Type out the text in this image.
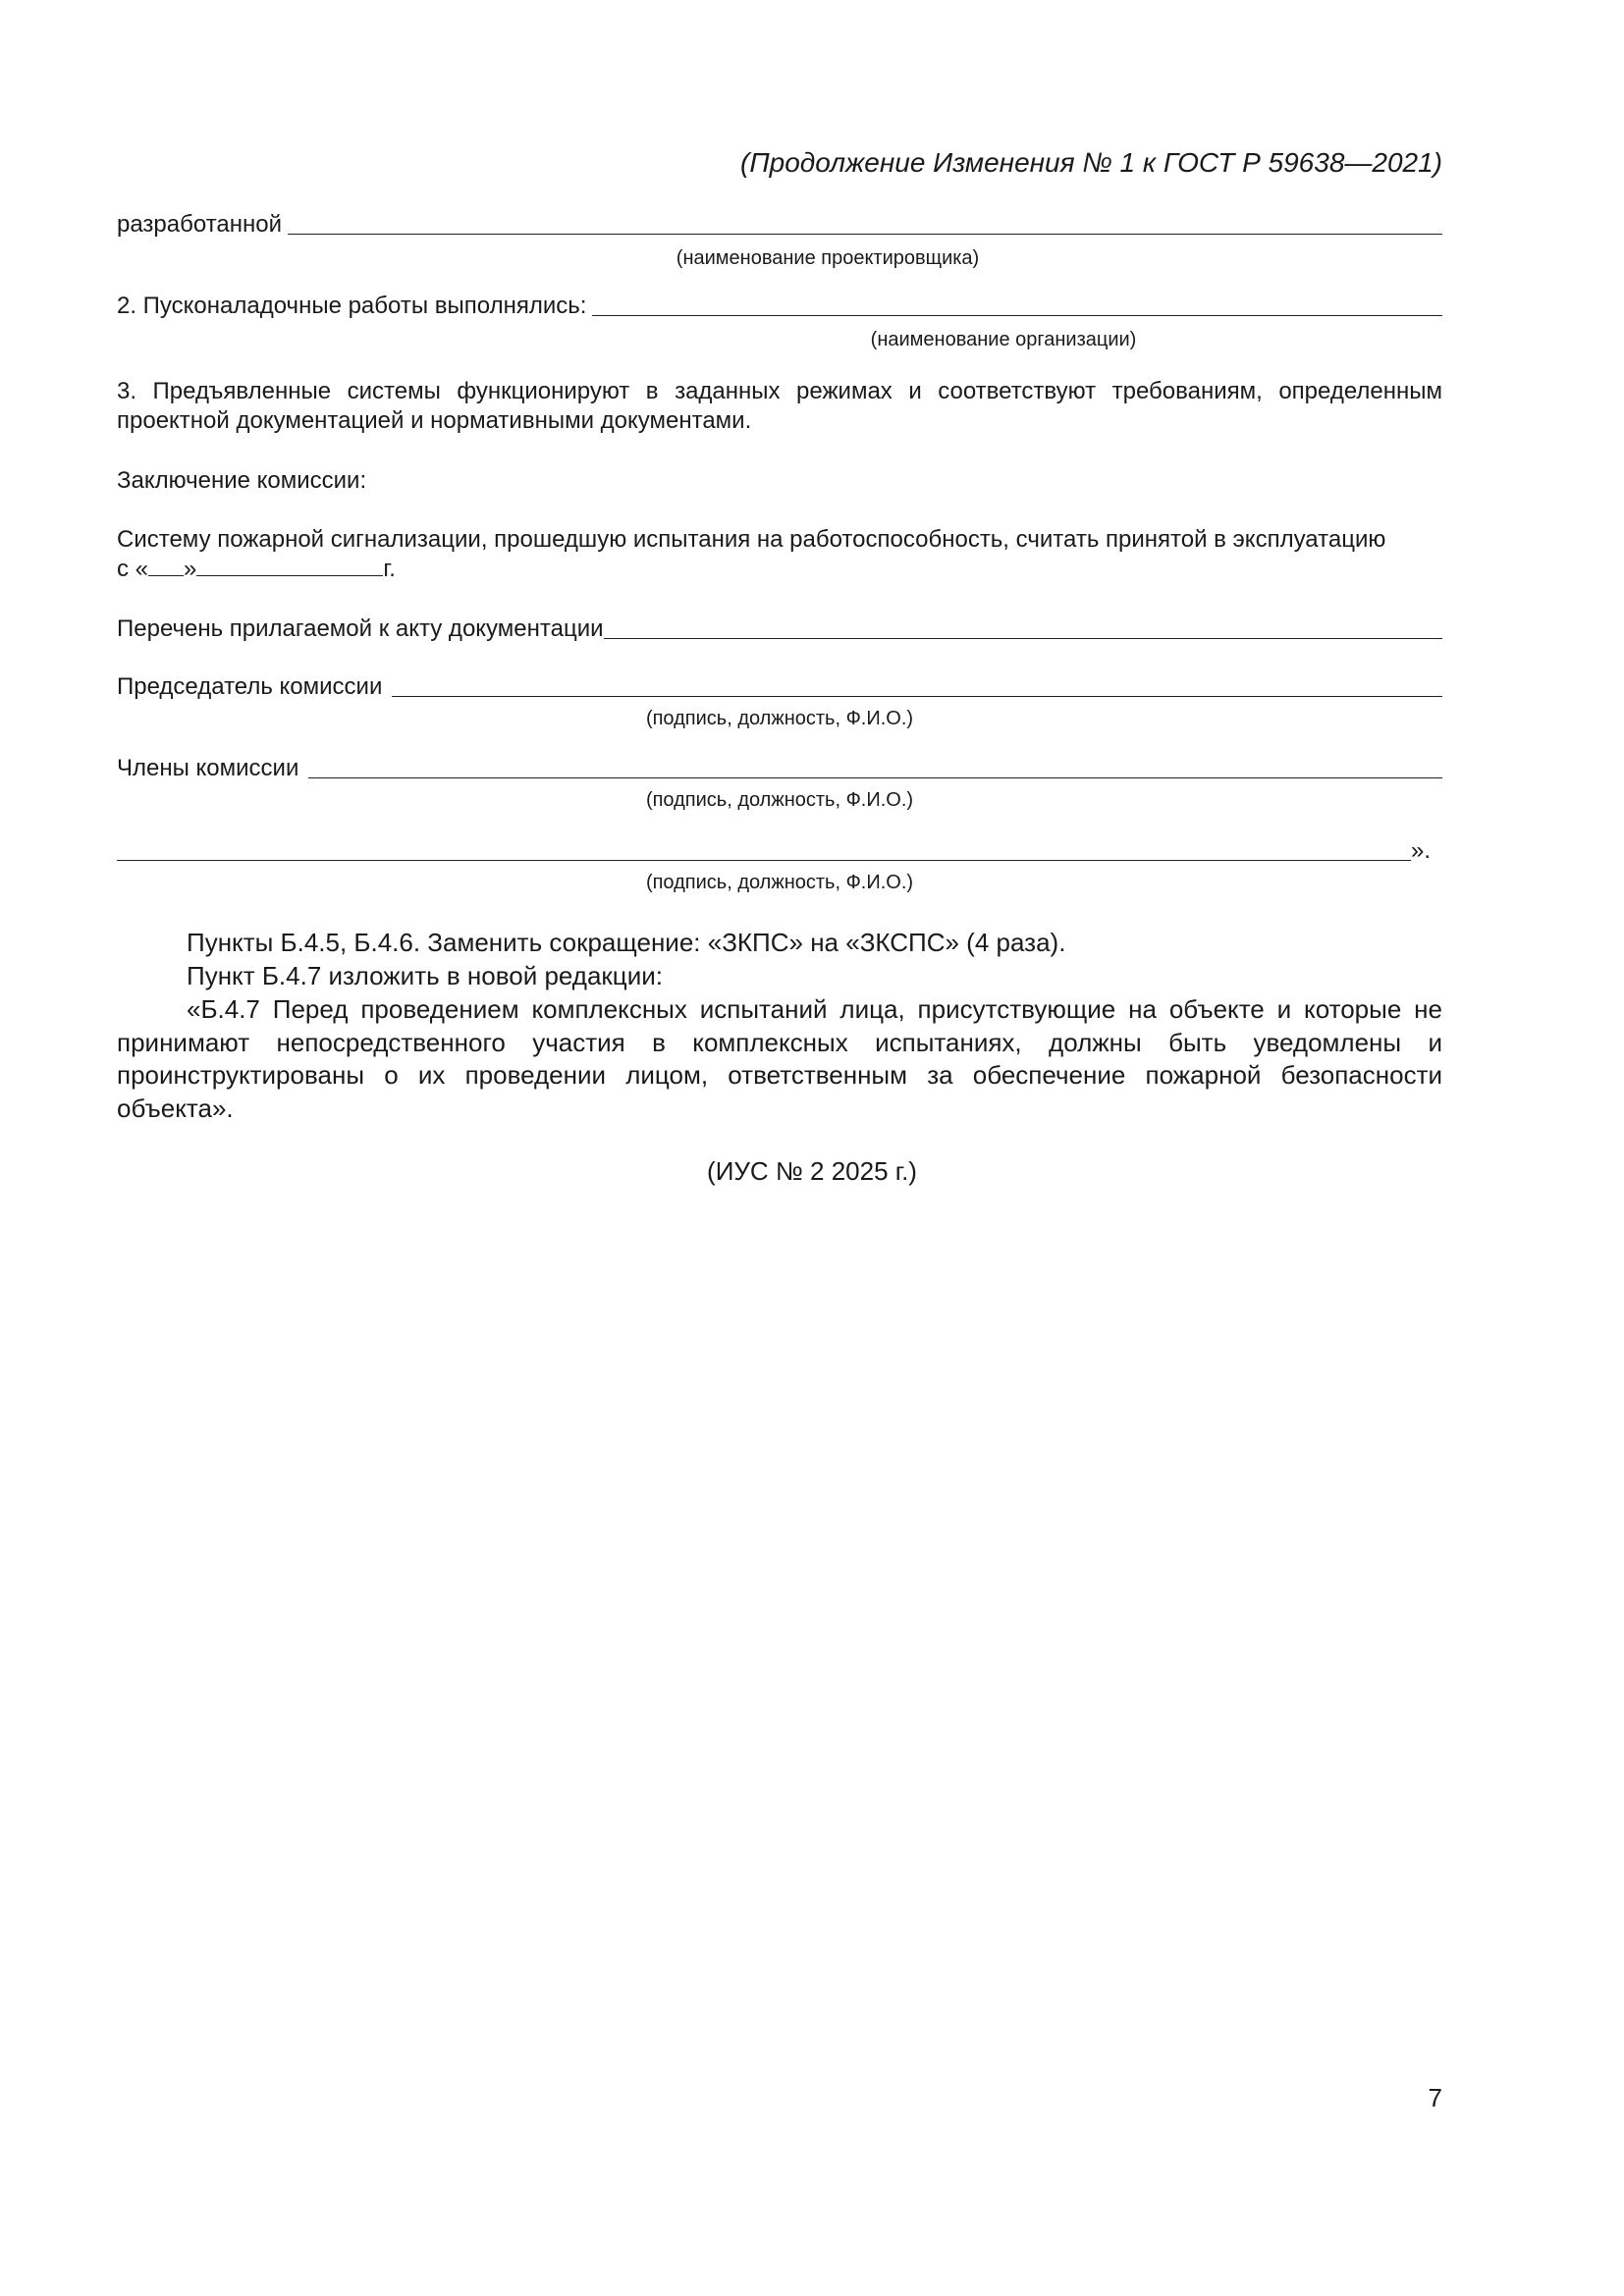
(Продолжение Изменения № 1 к ГОСТ Р 59638—2021)
разработанной
(наименование проектировщика)
2. Пусконаладочные работы выполнялись:
(наименование организации)
3. Предъявленные системы функционируют в заданных режимах и соответствуют требованиям, определенным проектной документацией и нормативными документами.
Заключение комиссии:
Систему пожарной сигнализации, прошедшую испытания на работоспособность, считать принятой в эксплуатацию
с « »	г.
Перечень прилагаемой к акту документации
Председатель комиссии
(подпись, должность, Ф.И.О.)
Члены комиссии
(подпись, должность, Ф.И.О.)
».
(подпись, должность, Ф.И.О.)
Пункты Б.4.5, Б.4.6. Заменить сокращение: «ЗКПС» на «ЗКСПС» (4 раза).
Пункт Б.4.7 изложить в новой редакции:
«Б.4.7 Перед проведением комплексных испытаний лица, присутствующие на объекте и которые не принимают непосредственного участия в комплексных испытаниях, должны быть уведомлены и проинструктированы о их проведении лицом, ответственным за обеспечение пожарной безопасности объекта».
(ИУС № 2 2025 г.)
7
